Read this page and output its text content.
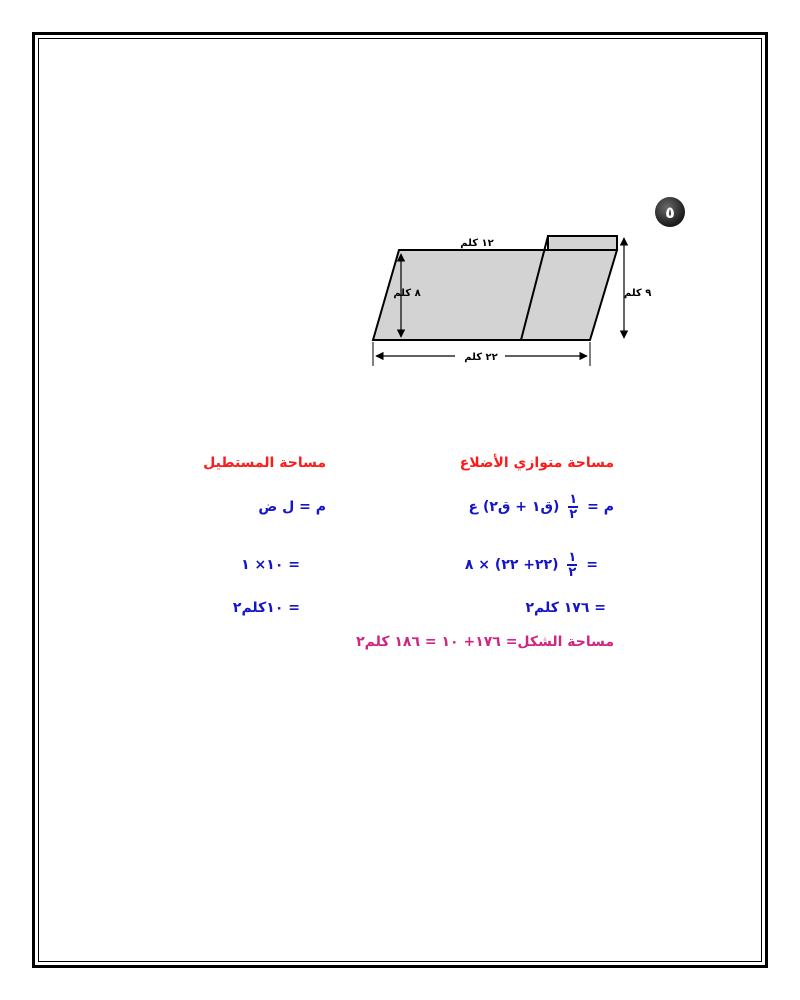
٥
١٢ كلم
٨ كلم	٩ كلم
٢٢ كلم
مساحة متوازي الأضلاع
مساحة المستطيل
م =
$\frac{١}{٢}$
(ق١ + ق٢) ع
م = ل ض
=
$\frac{١}{٢}$
(٢٢+ ٢٢) × ٨
= ١٠× ١
= ١٧٦ كلم٢
= ١٠كلم٢
مساحة الشكل= ١٧٦+ ١٠ = ١٨٦ كلم٢
